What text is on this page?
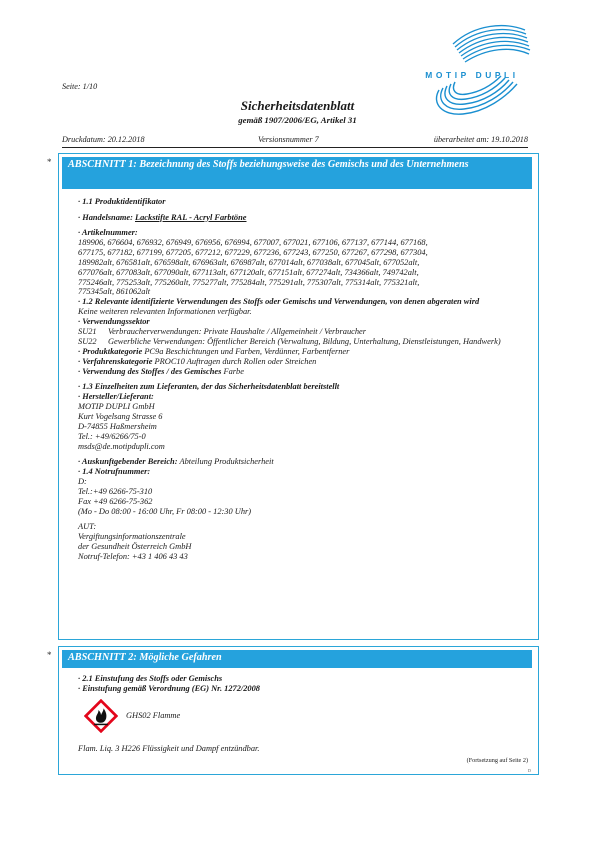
MOTIP DUPLI
Seite: 1/10
Sicherheitsdatenblatt
gemäß 1907/2006/EG, Artikel 31
Druckdatum: 20.12.2018	Versionsnummer 7	überarbeitet am: 19.10.2018
*	ABSCHNITT 1: Bezeichnung des Stoffs beziehungsweise des Gemischs und des Unternehmens

· 1.1 Produktidentifikator

· Handelsname: Lackstifte RAL - Acryl Farbtöne

· Artikelnummer:

189906, 676604, 676932, 676949, 676956, 676994, 677007, 677021, 677106, 677137, 677144, 677168,

677175, 677182, 677199, 677205, 677212, 677229, 677236, 677243, 677250, 677267, 677298, 677304,

189982alt, 676581alt, 676598alt, 676963alt, 676987alt, 677014alt, 677038alt, 677045alt, 677052alt,

677076alt, 677083alt, 677090alt, 677113alt, 677120alt, 677151alt, 677274alt, 734366alt, 749742alt,

775246alt, 775253alt, 775260alt, 775277alt, 775284alt, 775291alt, 775307alt, 775314alt, 775321alt,

775345alt, 861062alt

· 1.2 Relevante identifizierte Verwendungen des Stoffs oder Gemischs und Verwendungen, von denen abgeraten wird

Keine weiteren relevanten Informationen verfügbar.

· Verwendungssektor

SU21	Verbraucherverwendungen: Private Haushalte / Allgemeinheit / Verbraucher
SU22	Gewerbliche Verwendungen: Öffentlicher Bereich (Verwaltung, Bildung, Unterhaltung, Dienstleistungen, Handwerk)

· Produktkategorie PC9a Beschichtungen und Farben, Verdünner, Farbentferner

· Verfahrenskategorie PROC10 Auftragen durch Rollen oder Streichen

· Verwendung des Stoffes / des Gemisches Farbe

· 1.3 Einzelheiten zum Lieferanten, der das Sicherheitsdatenblatt bereitstellt

· Hersteller/Lieferant:

MOTIP DUPLI GmbH

Kurt Vogelsang Strasse 6

D-74855 Haßmersheim

Tel.: +49/6266/75-0

msds@de.motipdupli.com

· Auskunftgebender Bereich: Abteilung Produktsicherheit

· 1.4 Notrufnummer:

D:

Tel.:+49 6266-75-310

Fax +49 6266-75-362

(Mo - Do 08:00 - 16:00 Uhr, Fr 08:00 - 12:30 Uhr)

AUT:

Vergiftungsinformationszentrale

der Gesundheit Österreich GmbH

Notruf-Telefon: +43 1 406 43 43

*	ABSCHNITT 2: Mögliche Gefahren

· 2.1 Einstufung des Stoffs oder Gemischs

· Einstufung gemäß Verordnung (EG) Nr. 1272/2008

GHS02 Flamme

Flam. Liq. 3 H226 Flüssigkeit und Dampf entzündbar.

(Fortsetzung auf Seite 2)
D
